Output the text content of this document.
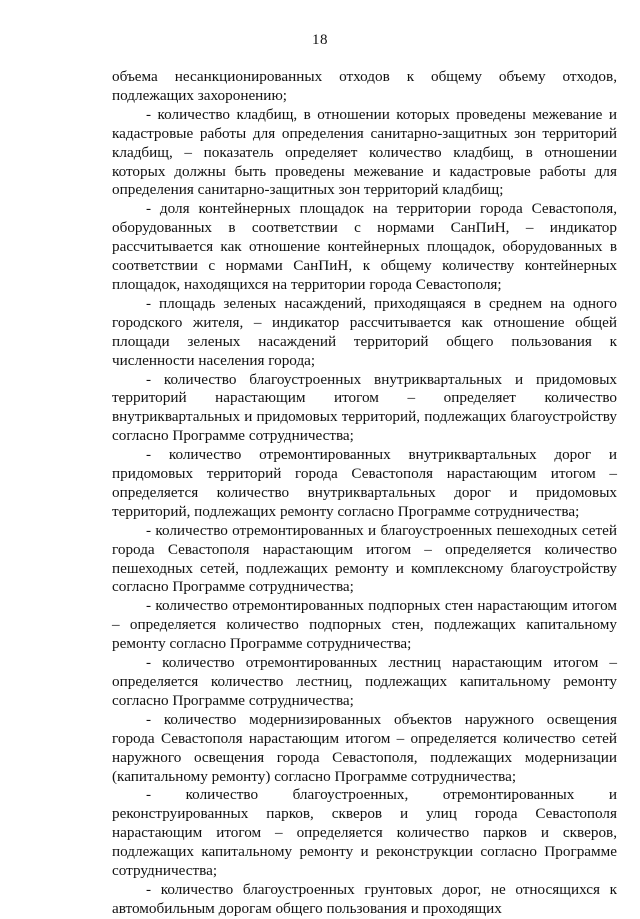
18

объема несанкционированных отходов к общему объему отходов, подлежащих захоронению;

- количество кладбищ, в отношении которых проведены межевание и кадастровые работы для определения санитарно-защитных зон территорий кладбищ, – показатель определяет количество кладбищ, в отношении которых должны быть проведены межевание и кадастровые работы для определения санитарно-защитных зон территорий кладбищ;

- доля контейнерных площадок на территории города Севастополя, оборудованных в соответствии с нормами СанПиН, – индикатор рассчитывается как отношение контейнерных площадок, оборудованных в соответствии с нормами СанПиН, к общему количеству контейнерных площадок, находящихся на территории города Севастополя;

- площадь зеленых насаждений, приходящаяся в среднем на одного городского жителя, – индикатор рассчитывается как отношение общей площади зеленых насаждений территорий общего пользования к численности населения города;

- количество благоустроенных внутриквартальных и придомовых территорий нарастающим итогом – определяет количество внутриквартальных и придомовых территорий, подлежащих благоустройству согласно Программе сотрудничества;

- количество отремонтированных внутриквартальных дорог и придомовых территорий города Севастополя нарастающим итогом – определяется количество внутриквартальных дорог и придомовых территорий, подлежащих ремонту согласно Программе сотрудничества;

- количество отремонтированных и благоустроенных пешеходных сетей города Севастополя нарастающим итогом – определяется количество пешеходных сетей, подлежащих ремонту и комплексному благоустройству согласно Программе сотрудничества;

- количество отремонтированных подпорных стен нарастающим итогом – определяется количество подпорных стен, подлежащих капитальному ремонту согласно Программе сотрудничества;

- количество отремонтированных лестниц нарастающим итогом – определяется количество лестниц, подлежащих капитальному ремонту согласно Программе сотрудничества;

- количество модернизированных объектов наружного освещения города Севастополя нарастающим итогом – определяется количество сетей наружного освещения города Севастополя, подлежащих модернизации (капитальному ремонту) согласно Программе сотрудничества;

- количество благоустроенных, отремонтированных и реконструированных парков, скверов и улиц города Севастополя нарастающим итогом – определяется количество парков и скверов, подлежащих капитальному ремонту и реконструкции согласно Программе сотрудничества;

- количество благоустроенных грунтовых дорог, не относящихся к автомобильным дорогам общего пользования и проходящих
